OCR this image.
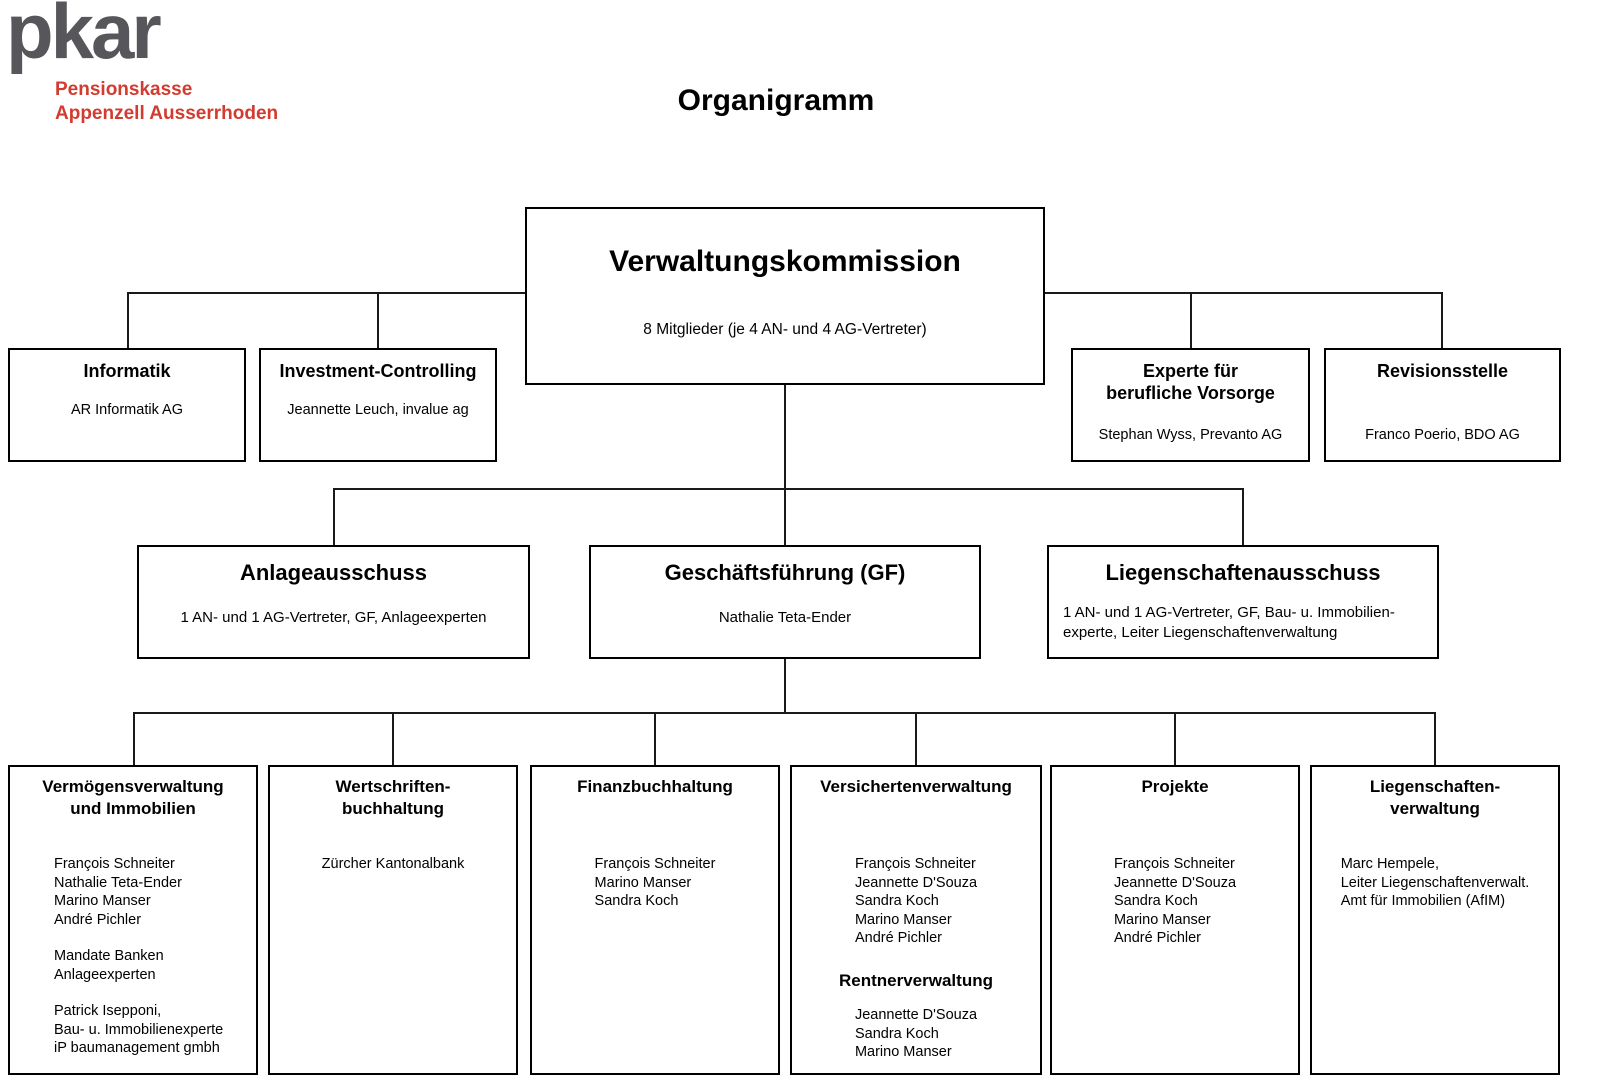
pkar
Pensionskasse
Appenzell Ausserrhoden	Organigramm
Verwaltungskommission
8 Mitglieder (je 4 AN- und 4 AG-Vertreter)
Informatik
AR Informatik AG
Investment-Controlling
Jeannette Leuch, invalue ag
Experte für
berufliche Vorsorge
Stephan Wyss, Prevanto AG
Revisionsstelle
Franco Poerio, BDO AG
Anlageausschuss
1 AN- und 1 AG-Vertreter, GF, Anlageexperten
Geschäftsführung (GF)
Nathalie Teta-Ender
Liegenschaftenausschuss
1 AN- und 1 AG-Vertreter, GF, Bau- u. Immobilien-
experte, Leiter Liegenschaftenverwaltung
Vermögensverwaltung
und Immobilien
François Schneiter
Nathalie Teta-Ender
Marino Manser
André Pichler
Mandate Banken
Anlageexperten
Patrick Isepponi,
Bau- u. Immobilienexperte
iP baumanagement gmbh
Wertschriften-
buchhaltung
Zürcher Kantonalbank
Finanzbuchhaltung
François Schneiter
Marino Manser
Sandra Koch
Versichertenverwaltung
François Schneiter
Jeannette D'Souza
Sandra Koch
Marino Manser
André Pichler
Rentnerverwaltung
Jeannette D'Souza
Sandra Koch
Marino Manser
Projekte
François Schneiter
Jeannette D'Souza
Sandra Koch
Marino Manser
André Pichler
Liegenschaften-
verwaltung
Marc Hempele,
Leiter Liegenschaftenverwalt.
Amt für Immobilien (AfIM)
